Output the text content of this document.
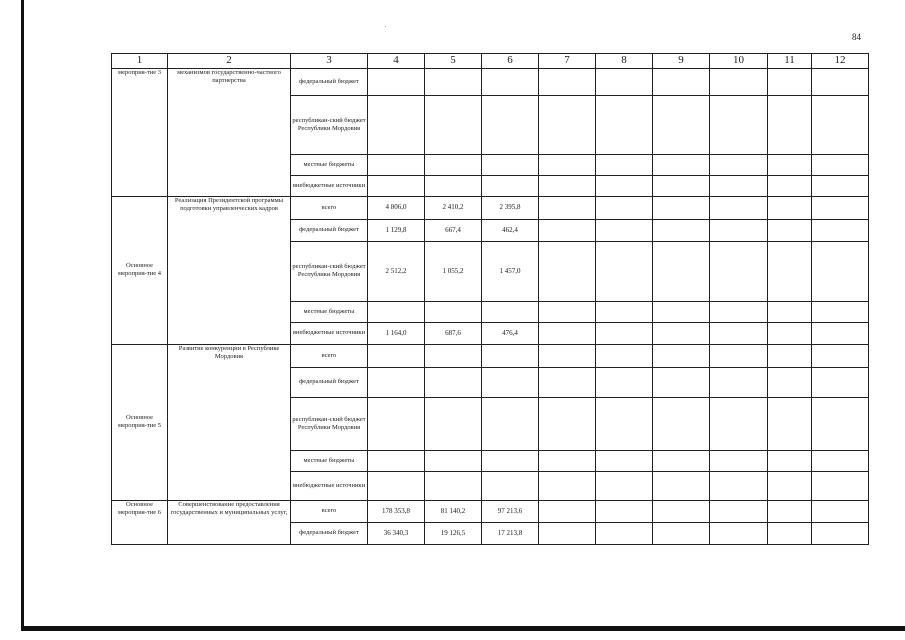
84
1	2	3	4	5	6	7	8	9	10	11	12
мероприя-тие 3	механизмов государственно-частного партнерства	федеральный бюджет									
		республикан-ский бюджет Республики Мордовия									
		местные бюджеты									
		внебюджетные источники									
Основное мероприя-тие 4	Реализация Президентской программы подготовки управленческих кадров	всего	4 806,0	2 410,2	2 395,8						
		федеральный бюджет	1 129,8	667,4	462,4						
		республикан-ский бюджет Республики Мордовия	2 512,2	1 055,2	1 457,0						
		местные бюджеты									
		внебюджетные источники	1 164,0	687,6	476,4						
Основное мероприя-тие 5	Развитие конкуренции в Республике Мордовия	всего									
		федеральный бюджет									
		республикан-ский бюджет Республики Мордовия									
		местные бюджеты									
		внебюджетные источники									
Основное мероприя-тие 6	Совершенствование предоставления государственных и муниципальных услуг,	всего	178 353,8	81 140,2	97 213,6						
		федеральный бюджет	36 340,3	19 126,5	17 213,8						
